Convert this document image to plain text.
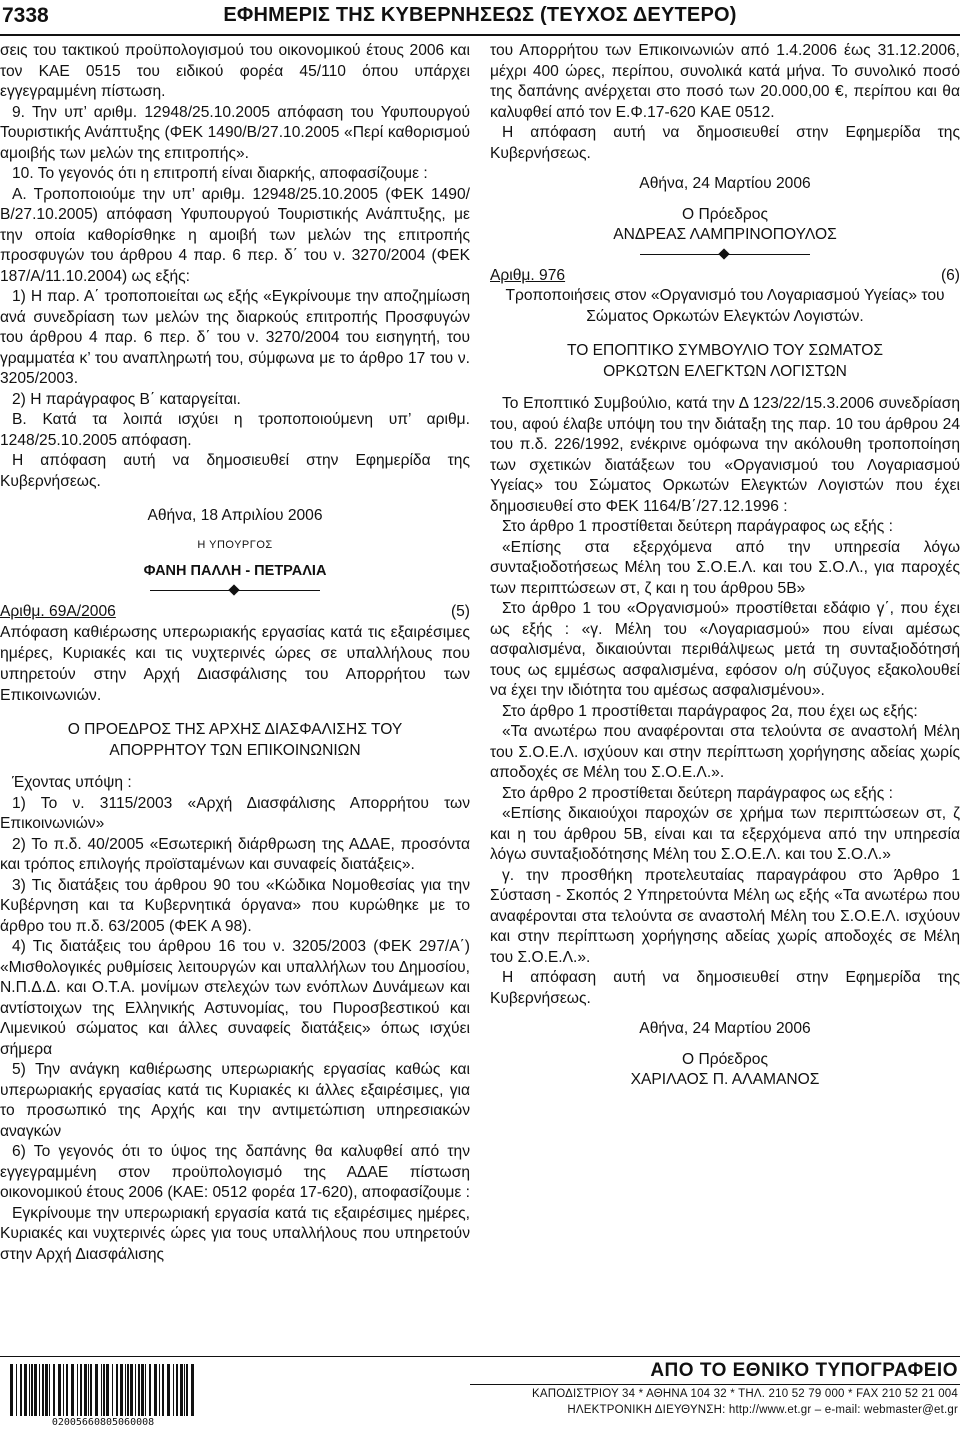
7338	ΕΦΗΜΕΡΙΣ ΤΗΣ ΚΥΒΕΡΝΗΣΕΩΣ (ΤΕΥΧΟΣ ΔΕΥΤΕΡΟ)

σεις του τακτικού προϋπολογισμού του οικονομικού έτους 2006 και τον ΚΑΕ 0515 του ειδικού φορέα 45/110 όπου υπάρχει εγγεγραμμένη πίστωση.

9. Την υπ’ αριθμ. 12948/25.10.2005 απόφαση του Υφυπουργού Τουριστικής Ανάπτυξης (ΦΕΚ 1490/Β/27.10.2005 «Περί καθορισμού αμοιβής των μελών της επιτροπής».

10. Το γεγονός ότι η επιτροπή είναι διαρκής, αποφασίζουμε :

Α. Τροποποιούμε την υπ’ αριθμ. 12948/25.10.2005 (ΦΕΚ 1490/Β/27.10.2005) απόφαση Υφυπουργού Τουριστικής Ανάπτυξης, με την οποία καθορίσθηκε η αμοιβή των μελών της επιτροπής προσφυγών του άρθρου 4 παρ. 6 περ. δ΄ του ν. 3270/2004 (ΦΕΚ 187/Α/11.10.2004) ως εξής:

1) Η παρ. Α΄ τροποποιείται ως εξής «Εγκρίνουμε την αποζημίωση ανά συνεδρίαση των μελών της διαρκούς επιτροπής Προσφυγών του άρθρου 4 παρ. 6 περ. δ΄ του ν. 3270/2004 του εισηγητή, του γραμματέα κ’ του αναπληρωτή του, σύμφωνα με το άρθρο 17 του ν. 3205/2003.

2) Η παράγραφος Β΄ καταργείται.

Β. Κατά τα λοιπά ισχύει η τροποποιούμενη υπ’ αριθμ. 1248/25.10.2005 απόφαση.

Η απόφαση αυτή να δημοσιευθεί στην Εφημερίδα της Κυβερνήσεως.

Αθήνα, 18 Απριλίου 2006

Η ΥΠΟΥΡΓΟΣ
ΦΑΝΗ ΠΑΛΛΗ - ΠΕΤΡΑΛΙΑ
Αριθμ. 69Α/2006	(5)

Απόφαση καθιέρωσης υπερωριακής εργασίας κατά τις εξαιρέσιμες ημέρες, Κυριακές και τις νυχτερινές ώρες σε υπαλλήλους που υπηρετούν στην Αρχή Διασφάλισης του Απορρήτου των Επικοινωνιών.

Ο ΠΡΟΕΔΡΟΣ ΤΗΣ ΑΡΧΗΣ ΔΙΑΣΦΑΛΙΣΗΣ ΤΟΥ
ΑΠΟΡΡΗΤΟΥ ΤΩΝ ΕΠΙΚΟΙΝΩΝΙΩΝ

Έχοντας υπόψη :

1) Το ν. 3115/2003 «Αρχή Διασφάλισης Απορρήτου των Επικοινωνιών»

2) Το π.δ. 40/2005 «Εσωτερική διάρθρωση της ΑΔΑΕ, προσόντα και τρόπος επιλογής προϊσταμένων και συναφείς διατάξεις».

3) Τις διατάξεις του άρθρου 90 του «Κώδικα Νομοθεσίας για την Κυβέρνηση και τα Κυβερνητικά όργανα» που κυρώθηκε με το άρθρο του π.δ. 63/2005 (ΦΕΚ Α 98).

4) Τις διατάξεις του άρθρου 16 του ν. 3205/2003 (ΦΕΚ 297/Α΄) «Μισθολογικές ρυθμίσεις λειτουργών και υπαλλήλων του Δημοσίου, Ν.Π.Δ.Δ. και Ο.Τ.Α. μονίμων στελεχών των ενόπλων Δυνάμεων και αντίστοιχων της Ελληνικής Αστυνομίας, του Πυροσβεστικού και Λιμενικού σώματος και άλλες συναφείς διατάξεις» όπως ισχύει σήμερα

5) Την ανάγκη καθιέρωσης υπερωριακής εργασίας καθώς και υπερωριακής εργασίας κατά τις Κυριακές κι άλλες εξαιρέσιμες, για το προσωπικό της Αρχής και την αντιμετώπιση υπηρεσιακών αναγκών

6) Το γεγονός ότι το ύψος της δαπάνης θα καλυφθεί από την εγγεγραμμένη στον προϋπολογισμό της ΑΔΑΕ πίστωση οικονομικού έτους 2006 (ΚΑΕ: 0512 φορέα 17-620), αποφασίζουμε :

Εγκρίνουμε την υπερωριακή εργασία κατά τις εξαιρέσιμες ημέρες, Κυριακές και νυχτερινές ώρες για τους υπαλλήλους που υπηρετούν στην Αρχή Διασφάλισης

του Απορρήτου των Επικοινωνιών από 1.4.2006 έως 31.12.2006, μέχρι 400 ώρες, περίπου, συνολικά κατά μήνα. Το συνολικό ποσό της δαπάνης ανέρχεται στο ποσό των 20.000,00 €, περίπου και θα καλυφθεί από τον Ε.Φ.17-620 ΚΑΕ 0512.

Η απόφαση αυτή να δημοσιευθεί στην Εφημερίδα της Κυβερνήσεως.

Αθήνα, 24 Μαρτίου 2006

Ο Πρόεδρος

ΑΝΔΡΕΑΣ ΛΑΜΠΡΙΝΟΠΟΥΛΟΣ

Αριθμ. 976	(6)

Τροποποιήσεις στον «Οργανισμό του Λογαριασμού Υγείας» του Σώματος Ορκωτών Ελεγκτών Λογιστών.

ΤΟ ΕΠΟΠΤΙΚΟ ΣΥΜΒΟΥΛΙΟ ΤΟΥ ΣΩΜΑΤΟΣ
ΟΡΚΩΤΩΝ ΕΛΕΓΚΤΩΝ ΛΟΓΙΣΤΩΝ

Το Εποπτικό Συμβούλιο, κατά την Δ 123/22/15.3.2006 συνεδρίαση του, αφού έλαβε υπόψη του την διάταξη της παρ. 10 του άρθρου 24 του π.δ. 226/1992, ενέκρινε ομόφωνα την ακόλουθη τροποποίηση των σχετικών διατάξεων του «Οργανισμού του Λογαριασμού Υγείας» του Σώματος Ορκωτών Ελεγκτών Λογιστών που έχει δημοσιευθεί στο ΦΕΚ 1164/Β΄/27.12.1996 :

Στο άρθρο 1 προστίθεται δεύτερη παράγραφος ως εξής :

«Επίσης στα εξερχόμενα από την υπηρεσία λόγω συνταξιοδοτήσεως Μέλη του Σ.Ο.Ε.Λ. και του Σ.Ο.Λ., για παροχές των περιπτώσεων στ, ζ και η του άρθρου 5Β»

Στο άρθρο 1 του «Οργανισμού» προστίθεται εδάφιο γ΄, που έχει ως εξής : «γ. Μέλη του «Λογαριασμού» που είναι αμέσως ασφαλισμένα, δικαιούνται περιθάλψεως μετά τη συνταξιοδότησή τους ως εμμέσως ασφαλισμένα, εφόσον ο/η σύζυγος εξακολουθεί να έχει την ιδιότητα του αμέσως ασφαλισμένου».

Στο άρθρο 1 προστίθεται παράγραφος 2α, που έχει ως εξής:

«Τα ανωτέρω που αναφέρονται στα τελούντα σε αναστολή Μέλη του Σ.Ο.Ε.Λ. ισχύουν και στην περίπτωση χορήγησης αδείας χωρίς αποδοχές σε Μέλη του Σ.Ο.Ε.Λ.».

Στο άρθρο 2 προστίθεται δεύτερη παράγραφος ως εξής :

«Επίσης δικαιούχοι παροχών σε χρήμα των περιπτώσεων στ, ζ και η του άρθρου 5Β, είναι και τα εξερχόμενα από την υπηρεσία λόγω συνταξιοδότησης Μέλη του Σ.Ο.Ε.Λ. και του Σ.Ο.Λ.»

γ. την προσθήκη προτελευταίας παραγράφου στο Άρθρο 1 Σύσταση - Σκοπός 2 Υπηρετούντα Μέλη ως εξής «Τα ανωτέρω που αναφέρονται στα τελούντα σε αναστολή Μέλη του Σ.Ο.Ε.Λ. ισχύουν και στην περίπτωση χορήγησης αδείας χωρίς αποδοχές σε Μέλη του Σ.Ο.Ε.Λ.».

Η απόφαση αυτή να δημοσιευθεί στην Εφημερίδα της Κυβερνήσεως.

Αθήνα, 24 Μαρτίου 2006

Ο Πρόεδρος

ΧΑΡΙΛΑΟΣ Π. ΑΛΑΜΑΝΟΣ

02005660805060008
ΑΠΟ ΤΟ ΕΘΝΙΚΟ ΤΥΠΟΓΡΑΦΕΙΟ
ΚΑΠΟΔΙΣΤΡΙΟΥ 34 * ΑΘΗΝΑ 104 32 * ΤΗΛ. 210 52 79 000 * FAX 210 52 21 004
ΗΛΕΚΤΡΟΝΙΚΗ ΔΙΕΥΘΥΝΣΗ: http://www.et.gr – e-mail: webmaster@et.gr
